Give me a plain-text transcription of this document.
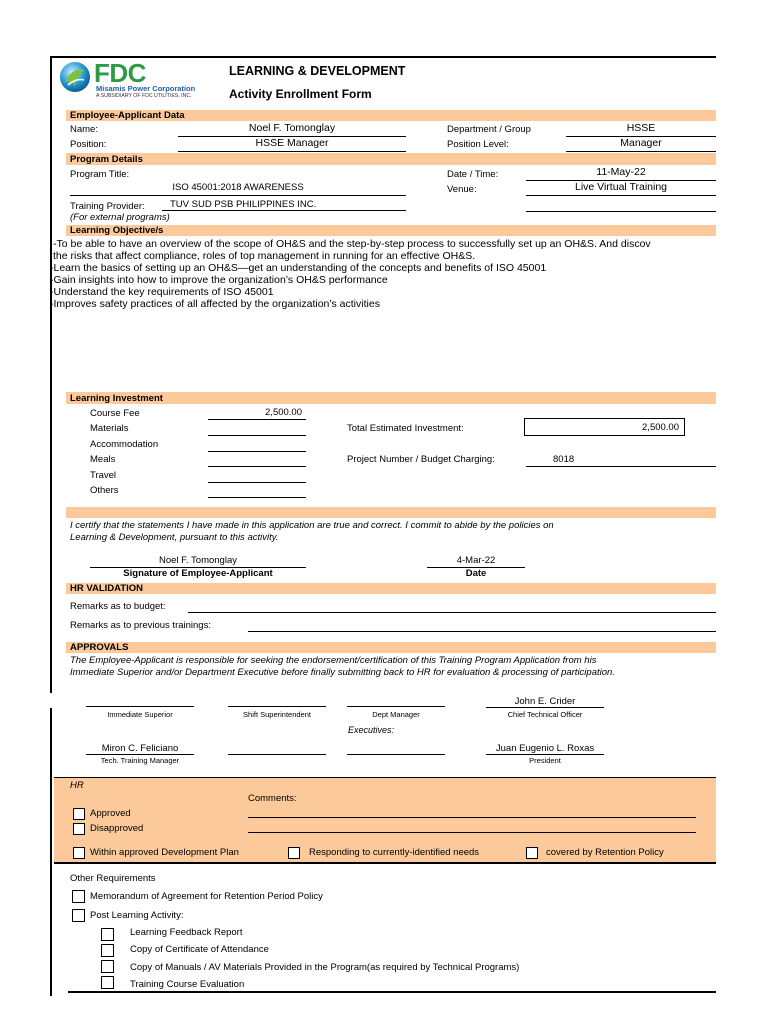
FDC
Misamis Power Corporation
A SUBSIDIARY OF FDC UTILITIES, INC.
LEARNING & DEVELOPMENT
Activity Enrollment Form
Employee-Applicant Data
Name:	Noel F. Tomonglay	Department / Group	HSSE
Position:	HSSE Manager	Position Level:	Manager
Program Details
Program Title:	Date / Time:	11-May-22
ISO 45001:2018 AWARENESS	Venue:	Live Virtual Training
Training Provider:	TUV SUD PSB PHILIPPINES INC.
(For external programs)
Learning Objective/s
-To be able to have an overview of the scope of OH&S and the step-by-step process to successfully set up an OH&S. And discov
the risks that affect compliance, roles of top management in running for an effective OH&S.
-Learn the basics of setting up an OH&S—get an understanding of the concepts and benefits of ISO 45001
-Gain insights into how to improve the organization’s OH&S performance
-Understand the key requirements of ISO 45001
-Improves safety practices of all affected by the organization’s activities
Learning Investment
Course Fee	2,500.00
Materials
Accommodation
Meals
Travel
Others
Total Estimated Investment:	2,500.00
Project Number / Budget Charging:	8018
I certify that the statements I have made in this application are true and correct. I commit to abide by the policies on
Learning & Development, pursuant to this activity.
Noel F. Tomonglay
Signature of Employee-Applicant
4-Mar-22
Date
HR VALIDATION
Remarks as to budget:
Remarks as to previous trainings:
APPROVALS
The Employee-Applicant is responsible for seeking the endorsement/certification of this Training Program Application from his
Immediate Superior and/or Department Executive before finally submitting back to HR for evaluation & processing of participation.
Immediate Superior	Shift Superintendent	Dept Manager
John E. Crider
Chief Technical Officer
Executives:
Miron C. Feliciano
Tech. Training Manager
Juan Eugenio L. Roxas
President
HR
Comments:
Approved
Disapproved
Within approved Development Plan	Responding to currently-identified needs	covered by Retention Policy
Other Requirements
Memorandum of Agreement for Retention Period Policy
Post Learning Activity:
Learning Feedback Report
Copy of Certificate of Attendance
Copy of Manuals / AV Materials Provided in the Program(as required by Technical Programs)
Training Course Evaluation
